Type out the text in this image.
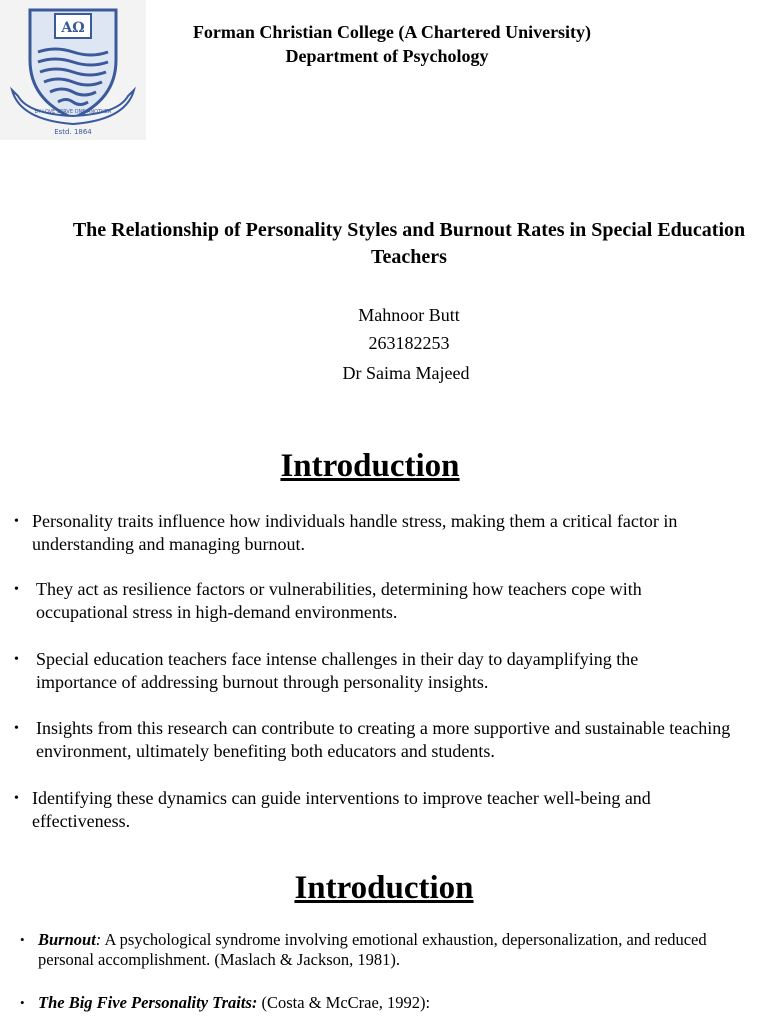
ΑΩ
Estd. 1864
BY LOVE SERVE ONE ANOTHER
Forman Christian College (A Chartered University)
Department of Psychology
The Relationship of Personality Styles and Burnout Rates in Special Education Teachers
Mahnoor Butt
263182253
Dr Saima Majeed
Introduction
• Personality traits influence how individuals handle stress, making them a critical factor in understanding and managing burnout.
• They act as resilience factors or vulnerabilities, determining how teachers cope with occupational stress in high-demand environments.
• Special education teachers face intense challenges in their day to dayamplifying the importance of addressing burnout through personality insights.
• Insights from this research can contribute to creating a more supportive and sustainable teaching environment, ultimately benefiting both educators and students.
• Identifying these dynamics can guide interventions to improve teacher well-being and effectiveness.
Introduction
• Burnout: A psychological syndrome involving emotional exhaustion, depersonalization, and reduced personal accomplishment. (Maslach & Jackson, 1981).
• The Big Five Personality Traits: (Costa & McCrae, 1992):
